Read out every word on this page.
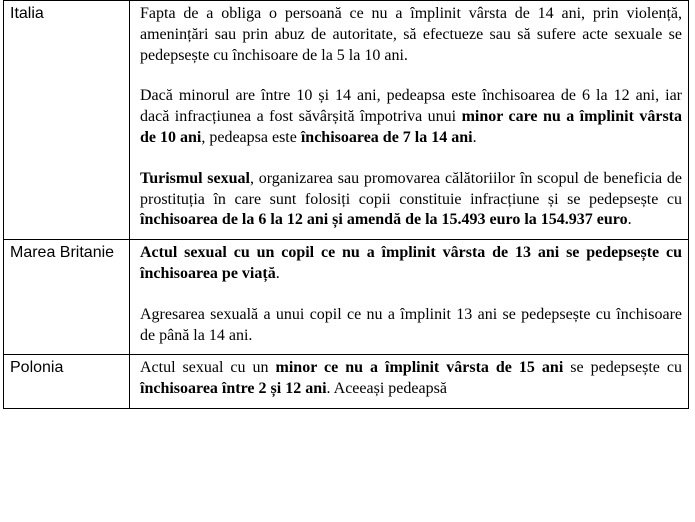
Italia	Fapta de a obliga o persoană ce nu a împlinit vârsta de 14 ani, prin violență, amenințări sau prin abuz de autoritate, să efectueze sau să sufere acte sexuale se pedepsește cu închisoare de la 5 la 10 ani.

Dacă minorul are între 10 și 14 ani, pedeapsa este închisoarea de 6 la 12 ani, iar dacă infracțiunea a fost săvârșită împotriva unui minor care nu a împlinit vârsta de 10 ani, pedeapsa este închisoarea de 7 la 14 ani.

Turismul sexual, organizarea sau promovarea călătoriilor în scopul de beneficia de prostituția în care sunt folosiți copii constituie infracțiune și se pedepsește cu închisoarea de la 6 la 12 ani și amendă de la 15.493 euro la 154.937 euro.

Marea Britanie	Actul sexual cu un copil ce nu a împlinit vârsta de 13 ani se pedepsește cu închisoarea pe viață.

Agresarea sexuală a unui copil ce nu a împlinit 13 ani se pedepsește cu închisoare de până la 14 ani.

Polonia	Actul sexual cu un minor ce nu a împlinit vârsta de 15 ani se pedepsește cu închisoarea între 2 și 12 ani. Aceeași pedeapsă
